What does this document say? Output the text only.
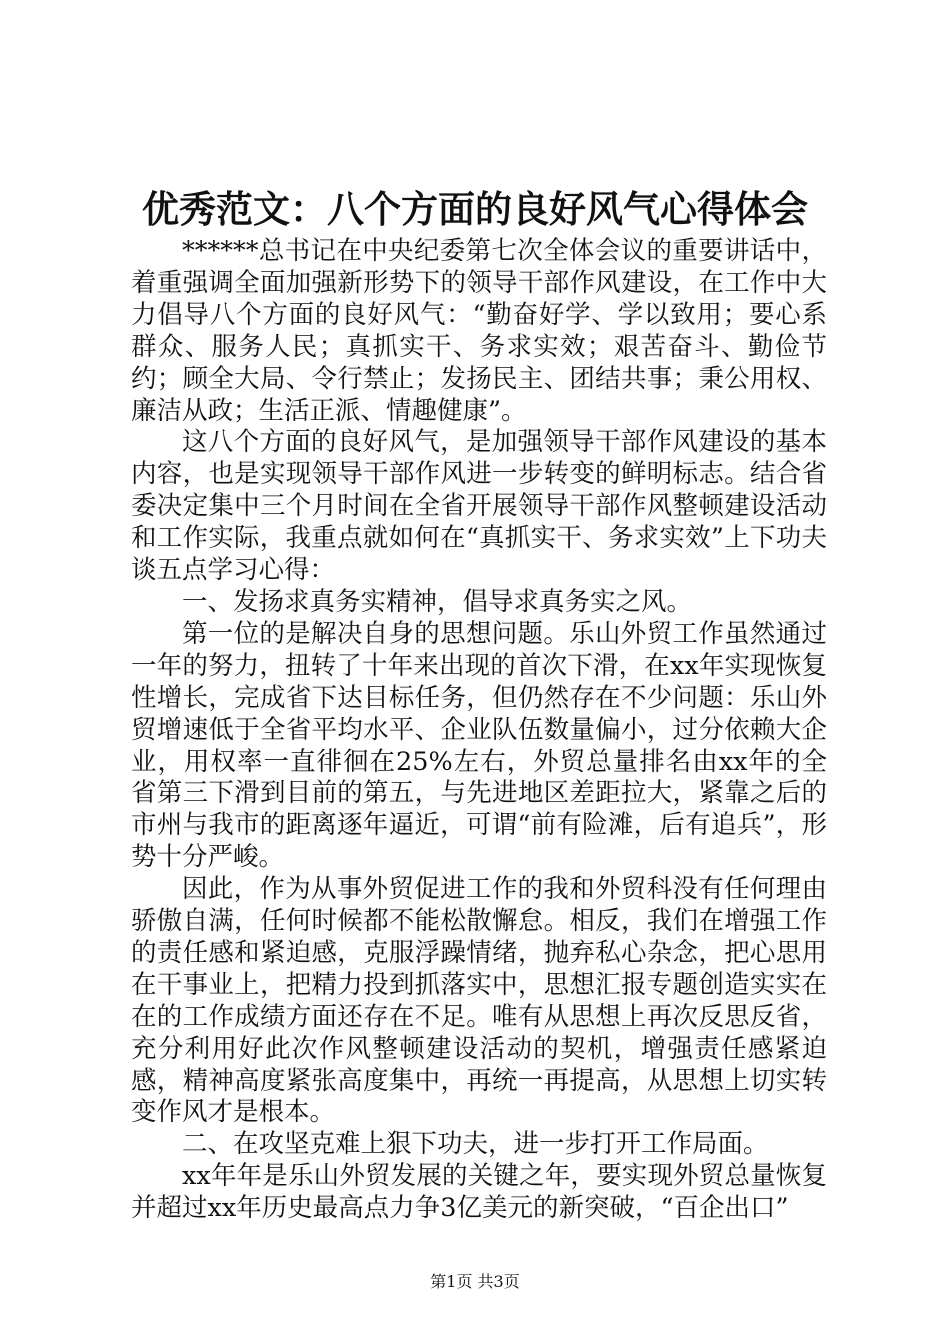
优秀范文：八个方面的良好风气心得体会

******总书记在中央纪委第七次全体会议的重要讲话中，着重强调全面加强新形势下的领导干部作风建设，在工作中大力倡导八个方面的良好风气：“勤奋好学、学以致用；要心系群众、服务人民；真抓实干、务求实效；艰苦奋斗、勤俭节约；顾全大局、令行禁止；发扬民主、团结共事；秉公用权、廉洁从政；生活正派、情趣健康”。

这八个方面的良好风气，是加强领导干部作风建设的基本内容，也是实现领导干部作风进一步转变的鲜明标志。结合省委决定集中三个月时间在全省开展领导干部作风整顿建设活动和工作实际，我重点就如何在“真抓实干、务求实效”上下功夫谈五点学习心得：

一、发扬求真务实精神，倡导求真务实之风。

第一位的是解决自身的思想问题。乐山外贸工作虽然通过一年的努力，扭转了十年来出现的首次下滑，在xx年实现恢复性增长，完成省下达目标任务，但仍然存在不少问题：乐山外贸增速低于全省平均水平、企业队伍数量偏小，过分依赖大企业，用权率一直徘徊在25%左右，外贸总量排名由xx年的全省第三下滑到目前的第五，与先进地区差距拉大，紧靠之后的市州与我市的距离逐年逼近，可谓“前有险滩，后有追兵”，形势十分严峻。

因此，作为从事外贸促进工作的我和外贸科没有任何理由骄傲自满，任何时候都不能松散懈怠。相反，我们在增强工作的责任感和紧迫感，克服浮躁情绪，抛弃私心杂念，把心思用在干事业上，把精力投到抓落实中，思想汇报专题创造实实在在的工作成绩方面还存在不足。唯有从思想上再次反思反省，充分利用好此次作风整顿建设活动的契机，增强责任感紧迫感，精神高度紧张高度集中，再统一再提高，从思想上切实转变作风才是根本。

二、在攻坚克难上狠下功夫，进一步打开工作局面。

xx年年是乐山外贸发展的关键之年，要实现外贸总量恢复并超过xx年历史最高点力争3亿美元的新突破，“百企出口”

第1页 共3页
